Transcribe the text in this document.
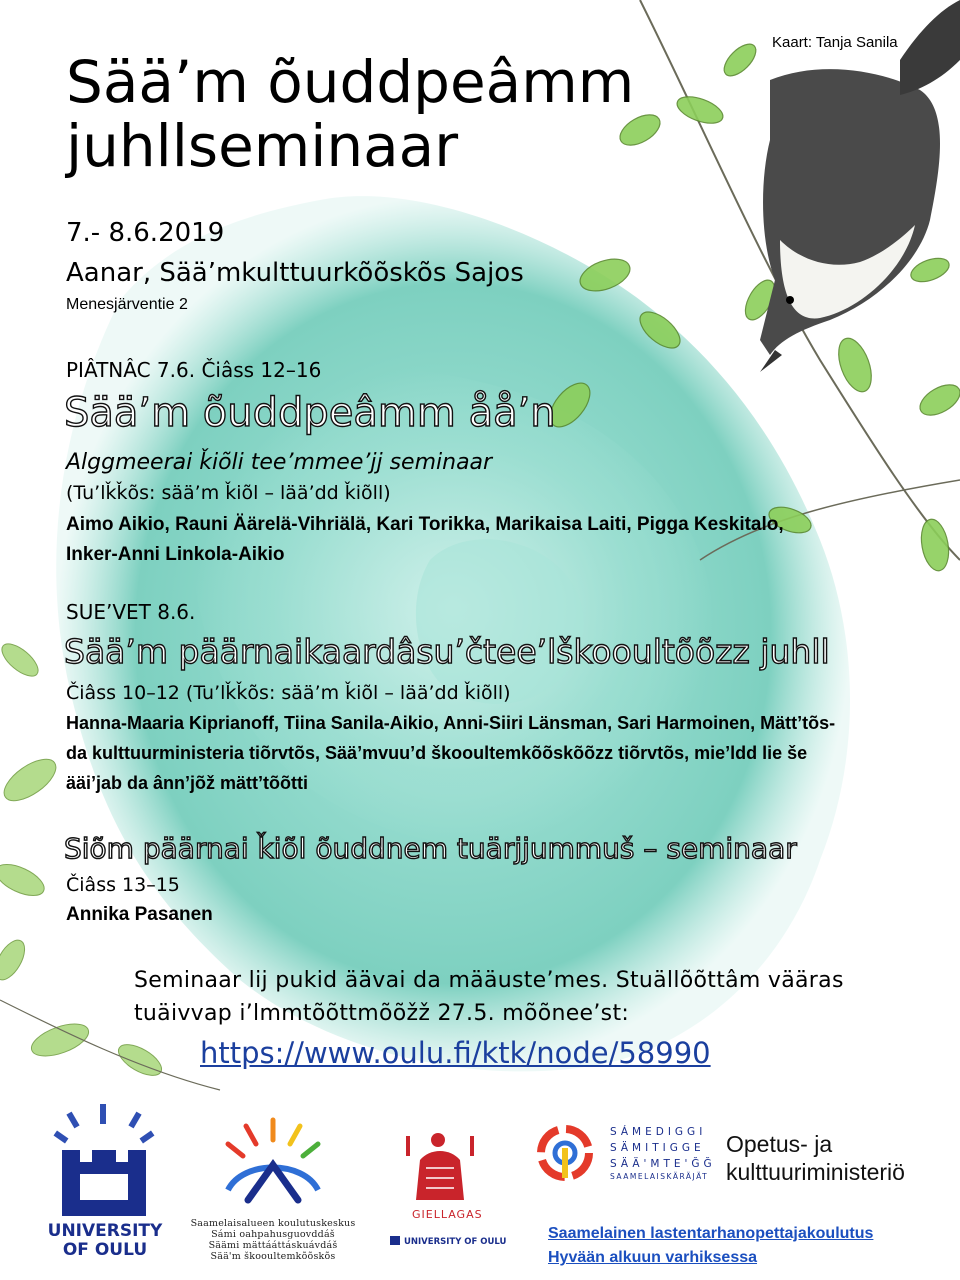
Kaart: Tanja Sanila
Sää’m õuddpeâmm
juhllseminaar
7.- 8.6.2019
Aanar, Sää’mkulttuurkõõskõs Sajos
Menesjärventie 2
PIÂTNÂC 7.6. Čiâss 12–16
Sää’m õuddpeâmm åå’n
Alggmeerai ǩiõli tee’mmee’jj seminaar
(Tu’lǩǩõs: sää’m ǩiõl – lää’dd ǩiõll)
Aimo Aikio, Rauni Äärelä-Vihriälä, Kari Torikka, Marikaisa Laiti, Pigga Keskitalo,
Inker-Anni Linkola-Aikio
SUE’VET 8.6.
Sää’m päärnaikaardâsu’čtee’lškooultõõzz juhll
Čiâss 10–12 (Tu’lǩǩõs: sää’m ǩiõl – lää’dd ǩiõll)
Hanna-Maaria Kiprianoff, Tiina Sanila-Aikio, Anni-Siiri Länsman, Sari Harmoinen, Mätt’tõs-
da kulttuurministeria tiõrvtõs, Sää’mvuu’d škooultemkõõskõõzz tiõrvtõs, mie’ldd lie še
ääi’jab da ânn’jõž mätt’tõõtti
Siõm päärnai ǩiõl õuddnem tuärjjummuš – seminaar
Čiâss 13–15
Annika Pasanen
Seminaar lij pukid äävai da määuste’mes. Stuällõõttâm vääras
tuäivvap i’lmmtõõttmõõžž 27.5. mõõnee’st:
https://www.oulu.fi/ktk/node/58990
UNIVERSITY
OF OULU
Saamelaisalueen koulutuskeskus
Sámi oahpahusguovddáš
Säämi mättááttáskuávdáš
Sää'm škooultemkõõskõs
GIELLAGAS
UNIVERSITY OF OULU
SÁMEDIGGI
SÄMITIGGE
SÄÄ'MTE'ĞĞ
SAAMELAISKÄRÄJÄT
Opetus- ja
kulttuuriministeriö
Saamelainen lastentarhanopettajakoulutus
Hyvään alkuun varhiksessa
